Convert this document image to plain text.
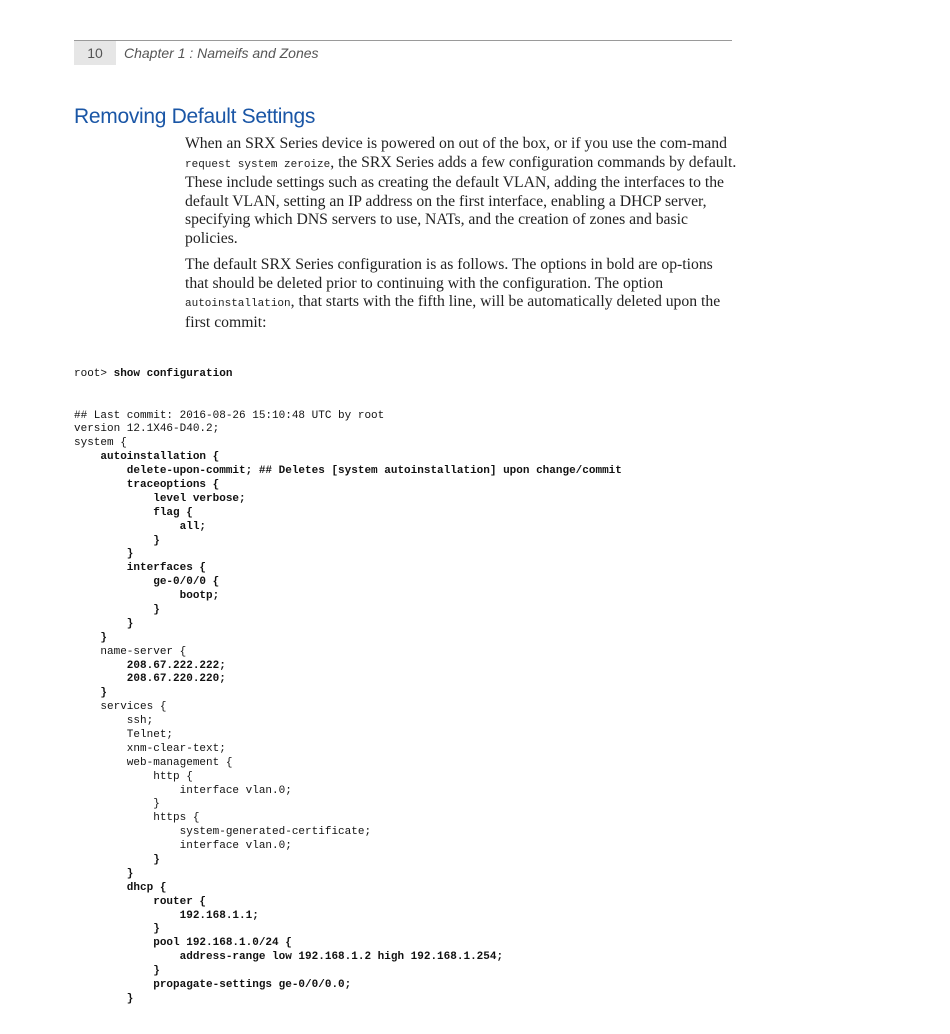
10	Chapter 1 : Nameifs and Zones
Removing Default Settings

When an SRX Series device is powered on out of the box, or if you use the com-mand request system zeroize, the SRX Series adds a few configuration commands by default. These include settings such as creating the default VLAN, adding the interfaces to the default VLAN, setting an IP address on the first interface, enabling a DHCP server, specifying which DNS servers to use, NATs, and the creation of zones and basic policies.

The default SRX Series configuration is as follows. The options in bold are op-tions that should be deleted prior to continuing with the configuration. The option autoinstallation, that starts with the fifth line, will be automatically deleted upon the first commit:

root> show configuration

## Last commit: 2016-08-26 15:10:48 UTC by root
version 12.1X46-D40.2;
system {
autoinstallation {
delete-upon-commit; ## Deletes [system autoinstallation] upon change/commit
traceoptions {
level verbose;
flag {
all;
}
}
interfaces {
ge-0/0/0 {
bootp;
}
}
}
name-server {
208.67.222.222;
208.67.220.220;
}
services {
ssh;
Telnet;
xnm-clear-text;
web-management {
http {
interface vlan.0;
}
https {
system-generated-certificate;
interface vlan.0;
}
}
dhcp {
router {
192.168.1.1;
}
pool 192.168.1.0/24 {
address-range low 192.168.1.2 high 192.168.1.254;
}
propagate-settings ge-0/0/0.0;
}
